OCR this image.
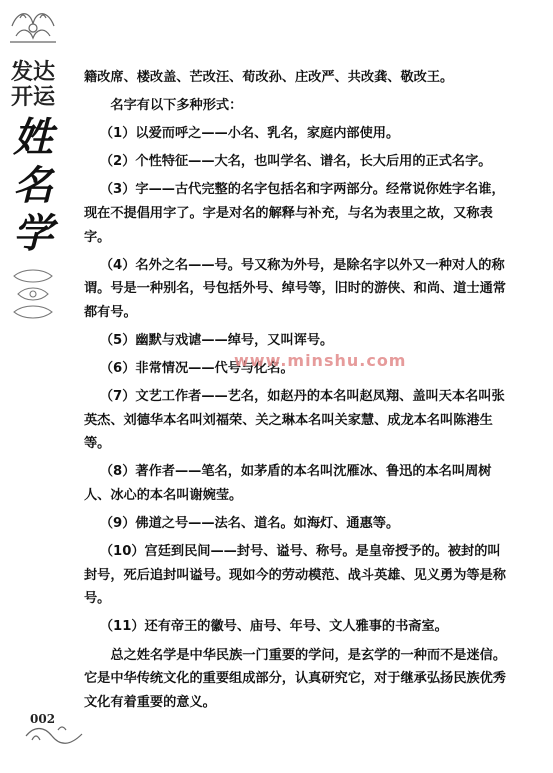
发达开运
姓名学

籍改席、楼改盖、芒改汪、荀改孙、庄改严、共改龚、敬改王。

名字有以下多种形式：

（1）以爱而呼之——小名、乳名，家庭内部使用。

（2）个性特征——大名，也叫学名、谱名，长大后用的正式名字。

（3）字——古代完整的名字包括名和字两部分。经常说你姓字名谁，现在不提倡用字了。字是对名的解释与补充，与名为表里之故，又称表字。

（4）名外之名——号。号又称为外号，是除名字以外又一种对人的称谓。号是一种别名，号包括外号、绰号等，旧时的游侠、和尚、道士通常都有号。

（5）幽默与戏谑——绰号，又叫诨号。

（6）非常情况——代号与化名。

（7）文艺工作者——艺名，如赵丹的本名叫赵凤翔、盖叫天本名叫张英杰、刘德华本名叫刘福荣、关之琳本名叫关家慧、成龙本名叫陈港生等。

（8）著作者——笔名，如茅盾的本名叫沈雁冰、鲁迅的本名叫周树人、冰心的本名叫谢婉莹。

（9）佛道之号——法名、道名。如海灯、通惠等。

（10）宫廷到民间——封号、谥号、称号。是皇帝授予的。被封的叫封号，死后追封叫谥号。现如今的劳动模范、战斗英雄、见义勇为等是称号。

（11）还有帝王的徽号、庙号、年号、文人雅事的书斋室。

总之姓名学是中华民族一门重要的学问，是玄学的一种而不是迷信。它是中华传统文化的重要组成部分，认真研究它，对于继承弘扬民族优秀文化有着重要的意义。

www.minshu.com
002
